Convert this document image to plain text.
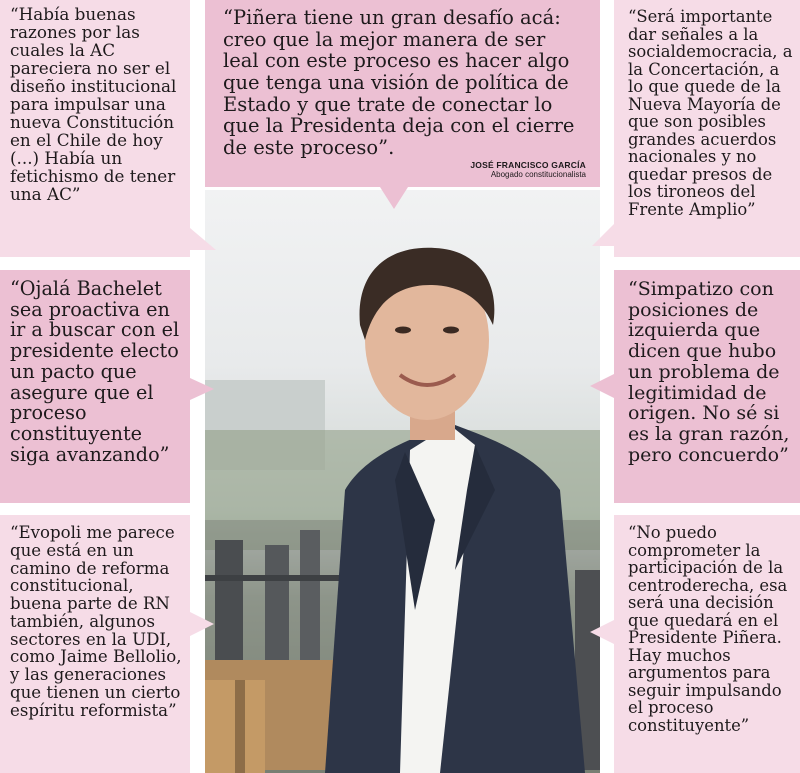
“Piñera tiene un gran desafío acá: creo que la mejor manera de ser leal con este proceso es hacer algo que tenga una visión de política de Estado y que trate de conectar lo que la Presidenta deja con el cierre de este proceso”.

JOSÉ FRANCISCO GARCÍA
Abogado constitucionalista

“Había buenas razones por las cuales la AC pareciera no ser el diseño institucional para impulsar una nueva Constitución en el Chile de hoy (...) Había un fetichismo de tener una AC”

“Ojalá Bachelet sea proactiva en ir a buscar con el presidente electo un pacto que asegure que el proceso constituyente siga avanzando”

“Evopoli me parece que está en un camino de reforma constitucional, buena parte de RN también, algunos sectores en la UDI, como Jaime Bellolio, y las generaciones que tienen un cierto espíritu reformista”

“Será importante dar señales a la socialdemocracia, a la Concertación, a lo que quede de la Nueva Mayoría de que son posibles grandes acuerdos nacionales y no quedar presos de los tironeos del Frente Amplio”

“Simpatizo con posiciones de izquierda que dicen que hubo un problema de legitimidad de origen. No sé si es la gran razón, pero concuerdo”

“No puedo comprometer la participación de la centroderecha, esa será una decisión que quedará en el Presidente Piñera. Hay muchos argumentos para seguir impulsando el proceso constituyente”
